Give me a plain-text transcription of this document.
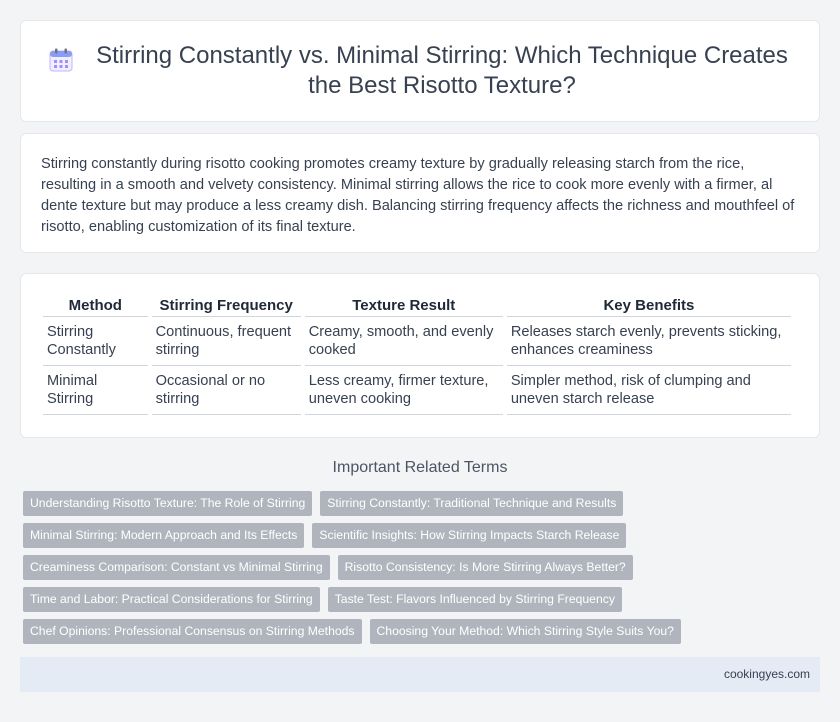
Stirring Constantly vs. Minimal Stirring: Which Technique Creates the Best Risotto Texture?

Stirring constantly during risotto cooking promotes creamy texture by gradually releasing starch from the rice, resulting in a smooth and velvety consistency. Minimal stirring allows the rice to cook more evenly with a firmer, al dente texture but may produce a less creamy dish. Balancing stirring frequency affects the richness and mouthfeel of risotto, enabling customization of its final texture.

Method	Stirring Frequency	Texture Result	Key Benefits
Stirring Constantly	Continuous, frequent stirring	Creamy, smooth, and evenly cooked	Releases starch evenly, prevents sticking, enhances creaminess
Minimal Stirring	Occasional or no stirring	Less creamy, firmer texture, uneven cooking	Simpler method, risk of clumping and uneven starch release
Important Related Terms
Understanding Risotto Texture: The Role of Stirring	Stirring Constantly: Traditional Technique and Results
Minimal Stirring: Modern Approach and Its Effects	Scientific Insights: How Stirring Impacts Starch Release
Creaminess Comparison: Constant vs Minimal Stirring	Risotto Consistency: Is More Stirring Always Better?
Time and Labor: Practical Considerations for Stirring	Taste Test: Flavors Influenced by Stirring Frequency
Chef Opinions: Professional Consensus on Stirring Methods	Choosing Your Method: Which Stirring Style Suits You?
cookingyes.com
